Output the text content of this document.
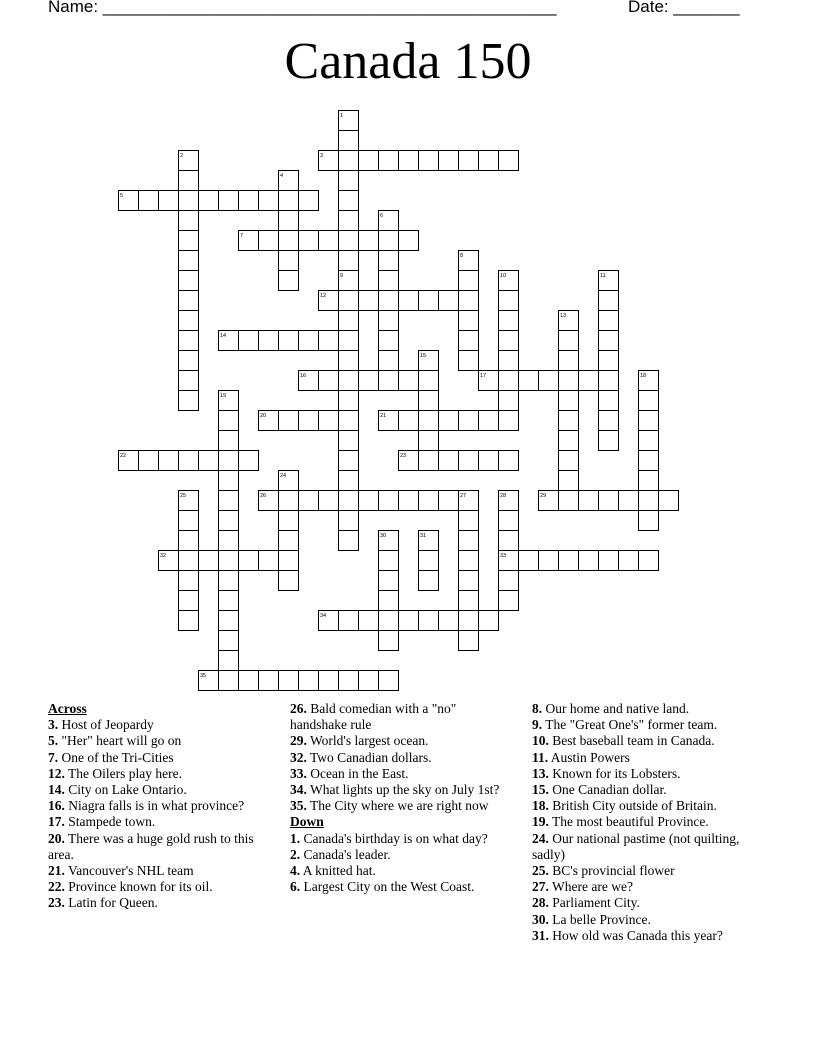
Name: ________________________________________________	Date: _______
Canada 150
1
2	3
4
5
6
7
8
9	10	11
12
13
14
15
16	17	18
19
20	21
22	23
24
25	26	27	28	29
30	31
32	33
34
35
Across
3. Host of Jeopardy
5. "Her" heart will go on
7. One of the Tri-Cities
12. The Oilers play here.
14. City on Lake Ontario.
16. Niagra falls is in what province?
17. Stampede town.
20. There was a huge gold rush to this area.
21. Vancouver's NHL team
22. Province known for its oil.
23. Latin for Queen.
26. Bald comedian with a "no" handshake rule
29. World's largest ocean.
32. Two Canadian dollars.
33. Ocean in the East.
34. What lights up the sky on July 1st?
35. The City where we are right now
Down
1. Canada's birthday is on what day?
2. Canada's leader.
4. A knitted hat.
6. Largest City on the West Coast.
8. Our home and native land.
9. The "Great One's" former team.
10. Best baseball team in Canada.
11. Austin Powers
13. Known for its Lobsters.
15. One Canadian dollar.
18. British City outside of Britain.
19. The most beautiful Province.
24. Our national pastime (not quilting, sadly)
25. BC's provincial flower
27. Where are we?
28. Parliament City.
30. La belle Province.
31. How old was Canada this year?
